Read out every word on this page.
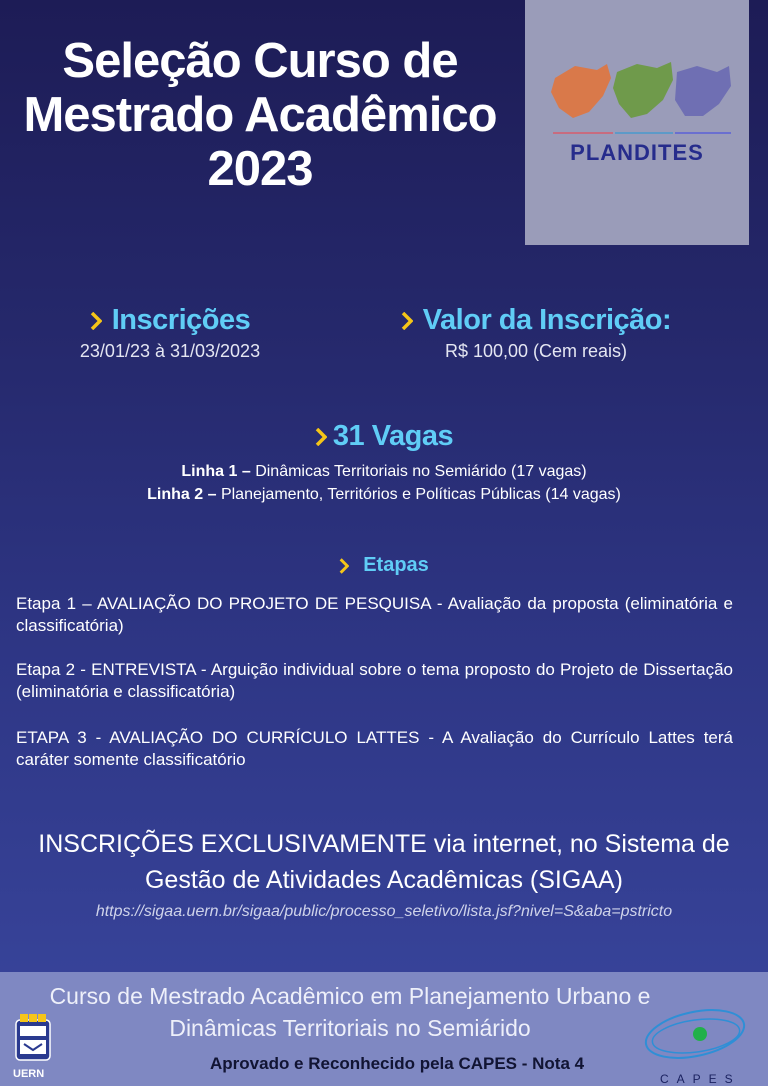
Seleção Curso de
Mestrado Acadêmico
2023	PLANDITES
Inscrições
23/01/23 à 31/03/2023
Valor da Inscrição:
R$ 100,00 (Cem reais)
31 Vagas
Linha 1 – Dinâmicas Territoriais no Semiárido (17 vagas)
Linha 2 – Planejamento, Territórios e Políticas Públicas (14 vagas)
Etapas
Etapa 1 – AVALIAÇÃO DO PROJETO DE PESQUISA - Avaliação da proposta (eliminatória e classificatória)
Etapa 2 - ENTREVISTA - Arguição individual sobre o tema proposto do Projeto de Dissertação (eliminatória e classificatória)
ETAPA 3 - AVALIAÇÃO DO CURRÍCULO LATTES - A Avaliação do Currículo Lattes terá caráter somente classificatório
INSCRIÇÕES EXCLUSIVAMENTE via internet, no Sistema de
Gestão de Atividades Acadêmicas (SIGAA)
https://sigaa.uern.br/sigaa/public/processo_seletivo/lista.jsf?nivel=S&aba=pstricto
Curso de Mestrado Acadêmico em Planejamento Urbano e
Dinâmicas Territoriais no Semiárido
UERN
Aprovado e Reconhecido pela CAPES - Nota 4
CAPES
